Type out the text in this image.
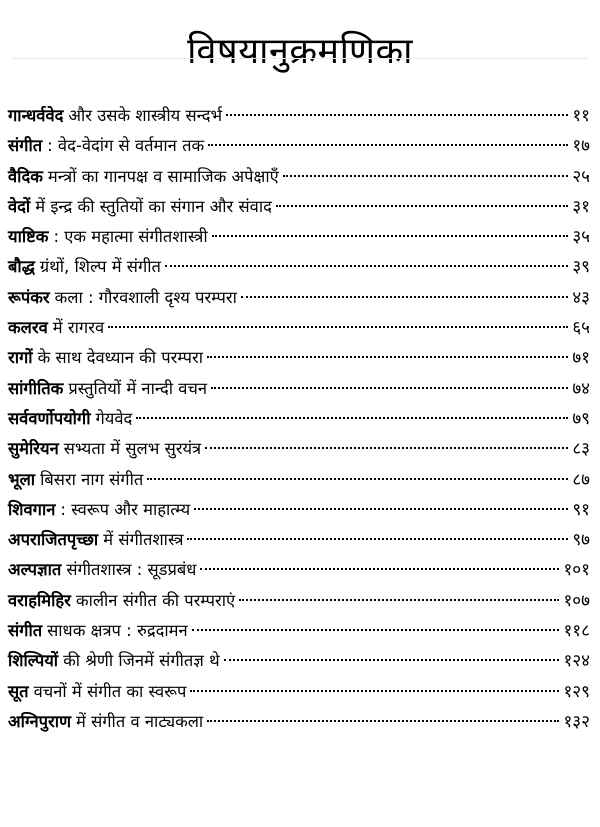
विषयानुक्रमणिका
गान्धर्ववेद और उसके शास्त्रीय सन्दर्भ	११
संगीत : वेद-वेदांग से वर्तमान तक	१७
वैदिक मन्त्रों का गानपक्ष व सामाजिक अपेक्षाएँ	२५
वेदों में इन्द्र की स्तुतियों का संगान और संवाद	३१
याष्टिक : एक महात्मा संगीतशास्त्री	३५
बौद्ध ग्रंथों, शिल्प में संगीत	३९
रूपंकर कला : गौरवशाली दृश्य परम्परा	४३
कलरव में रागरव	६५
रागों के साथ देवध्यान की परम्परा	७१
सांगीतिक प्रस्तुतियों में नान्दी वचन	७४
सर्ववर्णोपयोगी गेयवेद	७९
सुमेरियन सभ्यता में सुलभ सुरयंत्र	८३
भूला बिसरा नाग संगीत	८७
शिवगान : स्वरूप और माहात्म्य	९१
अपराजितपृच्छा में संगीतशास्त्र	९७
अल्पज्ञात संगीतशास्त्र : सूडप्रबंध	१०१
वराहमिहिर कालीन संगीत की परम्पराएं	१०७
संगीत साधक क्षत्रप : रुद्रदामन	११८
शिल्पियों की श्रेणी जिनमें संगीतज्ञ थे	१२४
सूत वचनों में संगीत का स्वरूप	१२९
अग्निपुराण में संगीत व नाट्यकला	१३२
